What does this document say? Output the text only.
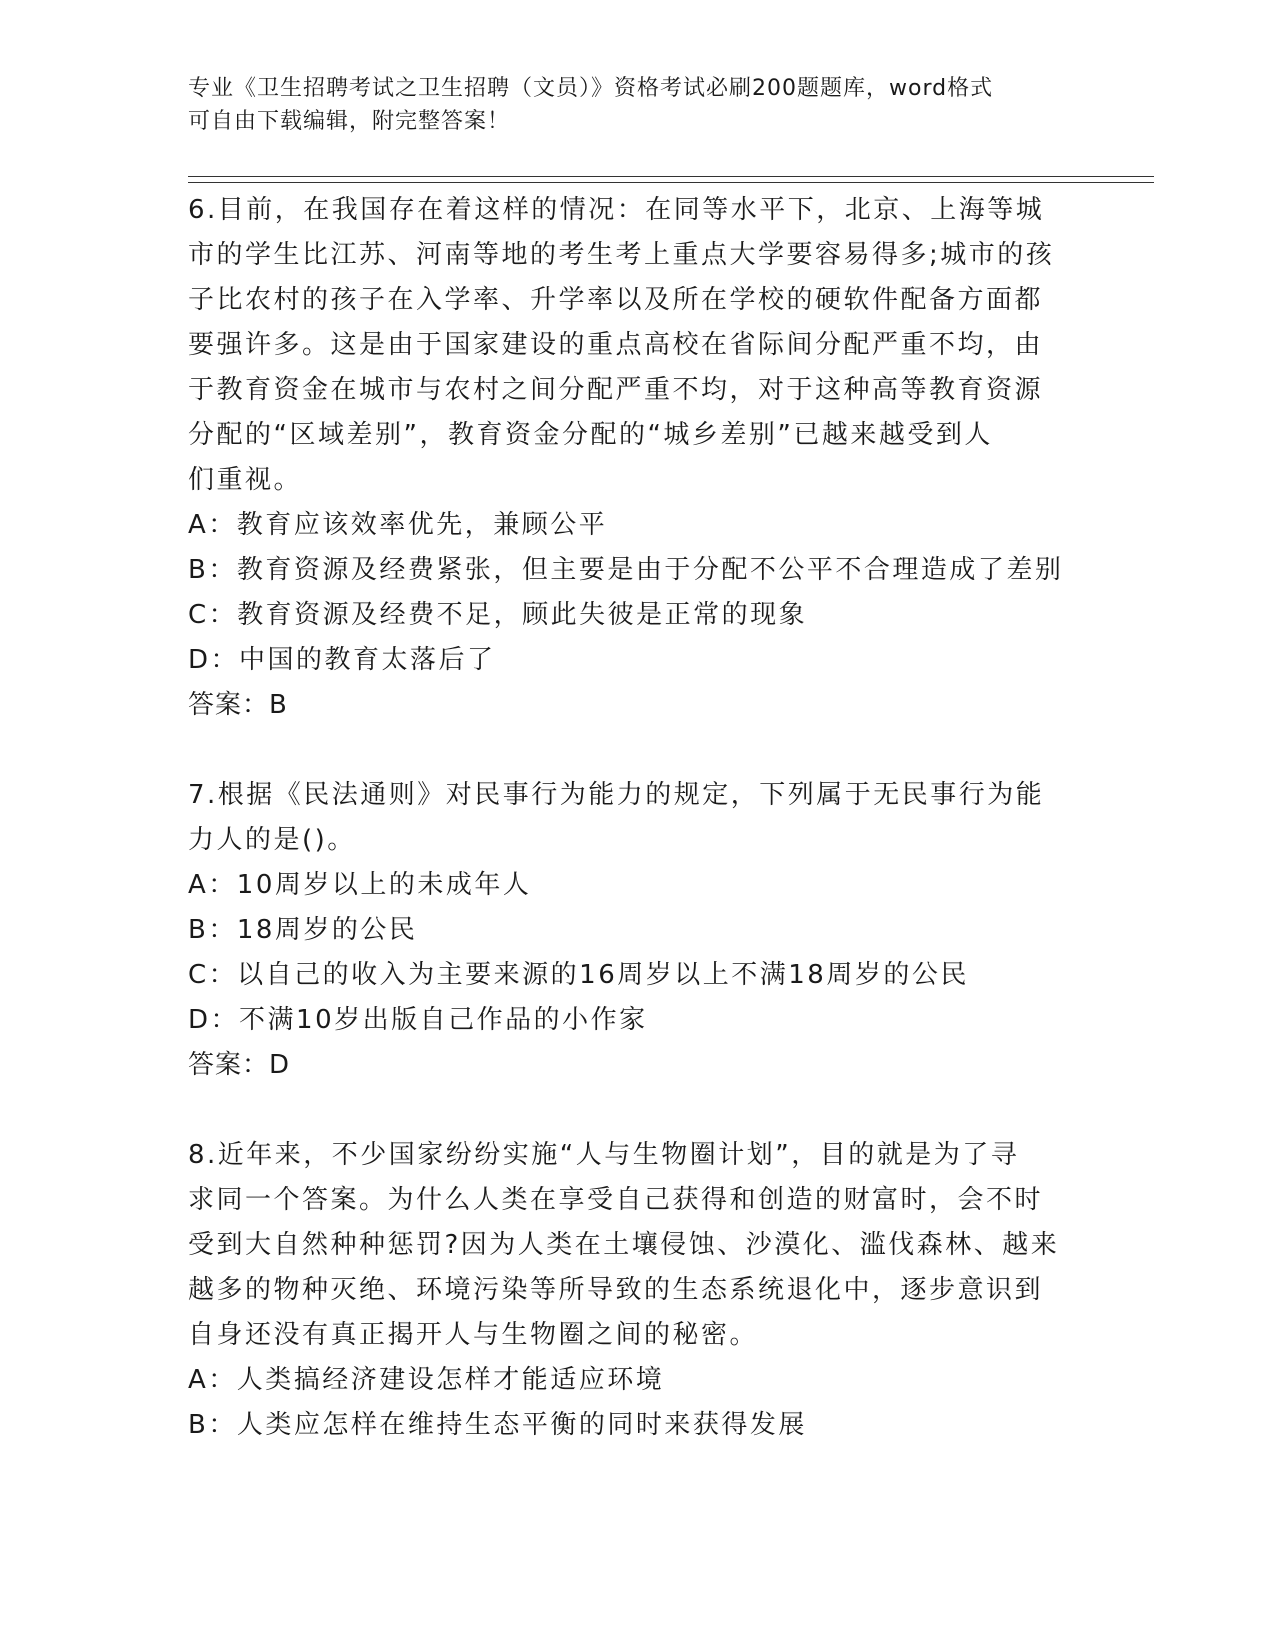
专业《卫生招聘考试之卫生招聘（文员）》资格考试必刷200题题库，word格式
可自由下载编辑，附完整答案！
6.目前，在我国存在着这样的情况：在同等水平下，北京、上海等城
市的学生比江苏、河南等地的考生考上重点大学要容易得多;城市的孩
子比农村的孩子在入学率、升学率以及所在学校的硬软件配备方面都
要强许多。这是由于国家建设的重点高校在省际间分配严重不均，由
于教育资金在城市与农村之间分配严重不均，对于这种高等教育资源
分配的“区域差别”，教育资金分配的“城乡差别”已越来越受到人
们重视。
A：教育应该效率优先，兼顾公平
B：教育资源及经费紧张，但主要是由于分配不公平不合理造成了差别
C：教育资源及经费不足，顾此失彼是正常的现象
D：中国的教育太落后了
答案：B
7.根据《民法通则》对民事行为能力的规定，下列属于无民事行为能
力人的是()。
A：10周岁以上的未成年人
B：18周岁的公民
C：以自己的收入为主要来源的16周岁以上不满18周岁的公民
D：不满10岁出版自己作品的小作家
答案：D
8.近年来，不少国家纷纷实施“人与生物圈计划”，目的就是为了寻
求同一个答案。为什么人类在享受自己获得和创造的财富时，会不时
受到大自然种种惩罚?因为人类在土壤侵蚀、沙漠化、滥伐森林、越来
越多的物种灭绝、环境污染等所导致的生态系统退化中，逐步意识到
自身还没有真正揭开人与生物圈之间的秘密。
A：人类搞经济建设怎样才能适应环境
B：人类应怎样在维持生态平衡的同时来获得发展
